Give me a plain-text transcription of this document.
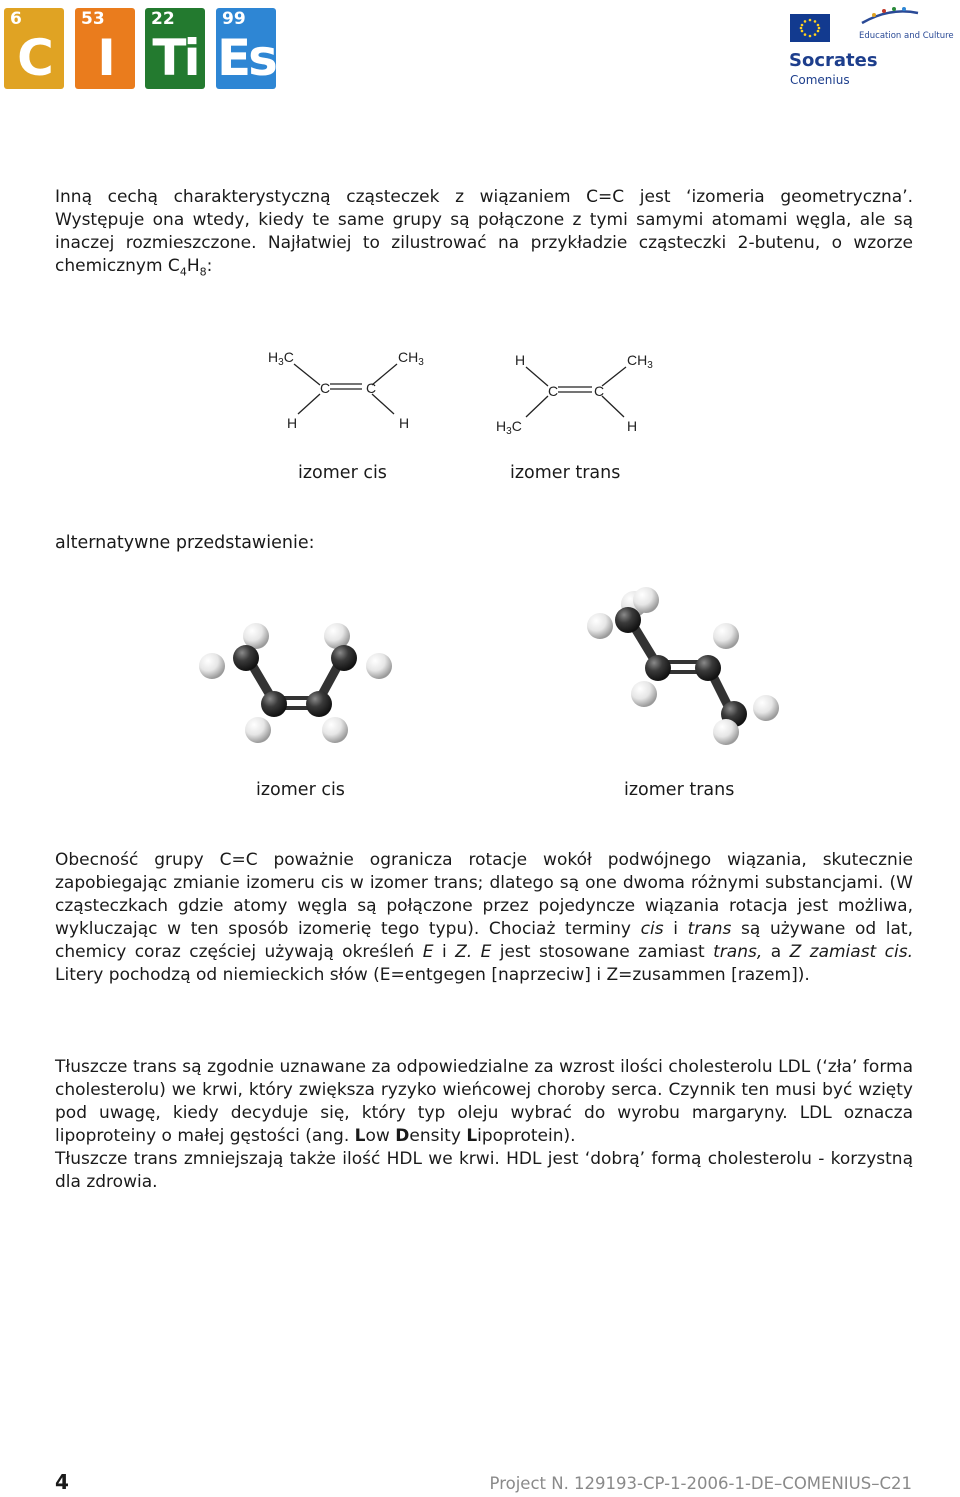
6
C
53
I
22
Ti
99
Es	Education and Culture
Socrates
Comenius

Inną cechą charakterystyczną cząsteczek z wiązaniem C=C jest ‘izomeria geometryczna’. Występuje ona wtedy, kiedy te same grupy są połączone z tymi samymi atomami węgla, ale są inaczej rozmieszczone. Najłatwiej to zilustrować na przykładzie cząsteczki 2-butenu, o wzorze chemicznym $C_4H_8$:

$H_3C$	$CH_3$
C	C
H	H
H	$CH_3$
C	C
$H_3C$	H
izomer cis	izomer trans
alternatywne przedstawienie:
izomer cis	izomer trans

Obecność grupy C=C poważnie ogranicza rotacje wokół podwójnego wiązania, skutecznie zapobiegając zmianie izomeru cis w izomer trans; dlatego są one dwoma różnymi substancjami. (W cząsteczkach gdzie atomy węgla są połączone przez pojedyncze wiązania rotacja jest możliwa, wykluczając w ten sposób izomerię tego typu). Chociaż terminy cis i trans są używane od lat, chemicy coraz częściej używają określeń E i Z. E jest stosowane zamiast trans, a Z zamiast cis. Litery pochodzą od niemieckich słów (E=entgegen [naprzeciw] i Z=zusammen [razem]).

Tłuszcze trans są zgodnie uznawane za odpowiedzialne za wzrost ilości cholesterolu LDL (‘zła’ forma cholesterolu) we krwi, który zwiększa ryzyko wieńcowej choroby serca. Czynnik ten musi być wzięty pod uwagę, kiedy decyduje się, który typ oleju wybrać do wyrobu margaryny. LDL oznacza lipoproteiny o małej gęstości (ang. Low Density Lipoprotein).

Tłuszcze trans zmniejszają także ilość HDL we krwi. HDL jest ‘dobrą’ formą cholesterolu - korzystną dla zdrowia.

4	Project N. 129193-CP-1-2006-1-DE–COMENIUS–C21
